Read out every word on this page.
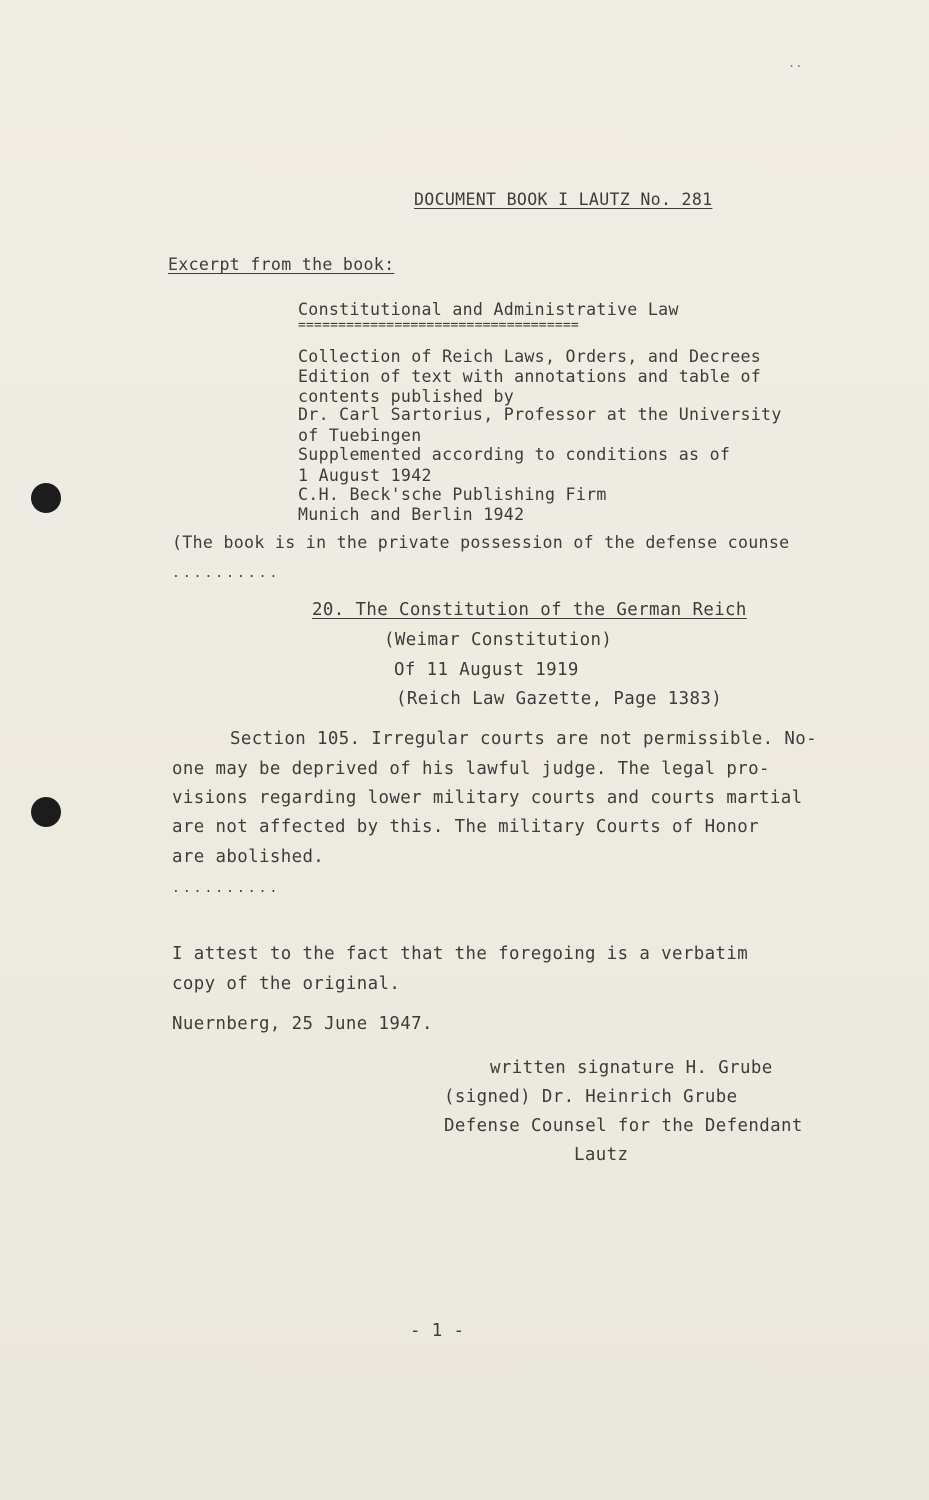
..
DOCUMENT BOOK I LAUTZ No. 281
Excerpt from the book:
Constitutional and Administrative Law
===================================
Collection of Reich Laws, Orders, and Decrees
Edition of text with annotations and table of
contents published by
Dr. Carl Sartorius, Professor at the University
of Tuebingen
Supplemented according to conditions as of
1 August 1942
C.H. Beck'sche Publishing Firm
Munich and Berlin 1942
(The book is in the private possession of the defense counse
..........
20. The Constitution of the German Reich
(Weimar Constitution)
Of 11 August 1919
(Reich Law Gazette, Page 1383)
Section 105. Irregular courts are not permissible. No-
one may be deprived of his lawful judge. The legal pro-
visions regarding lower military courts and courts martial
are not affected by this. The military Courts of Honor
are abolished.
..........
I attest to the fact that the foregoing is a verbatim
copy of the original.
Nuernberg, 25 June 1947.
written signature H. Grube
(signed) Dr. Heinrich Grube
Defense Counsel for the Defendant
Lautz
- 1 -
